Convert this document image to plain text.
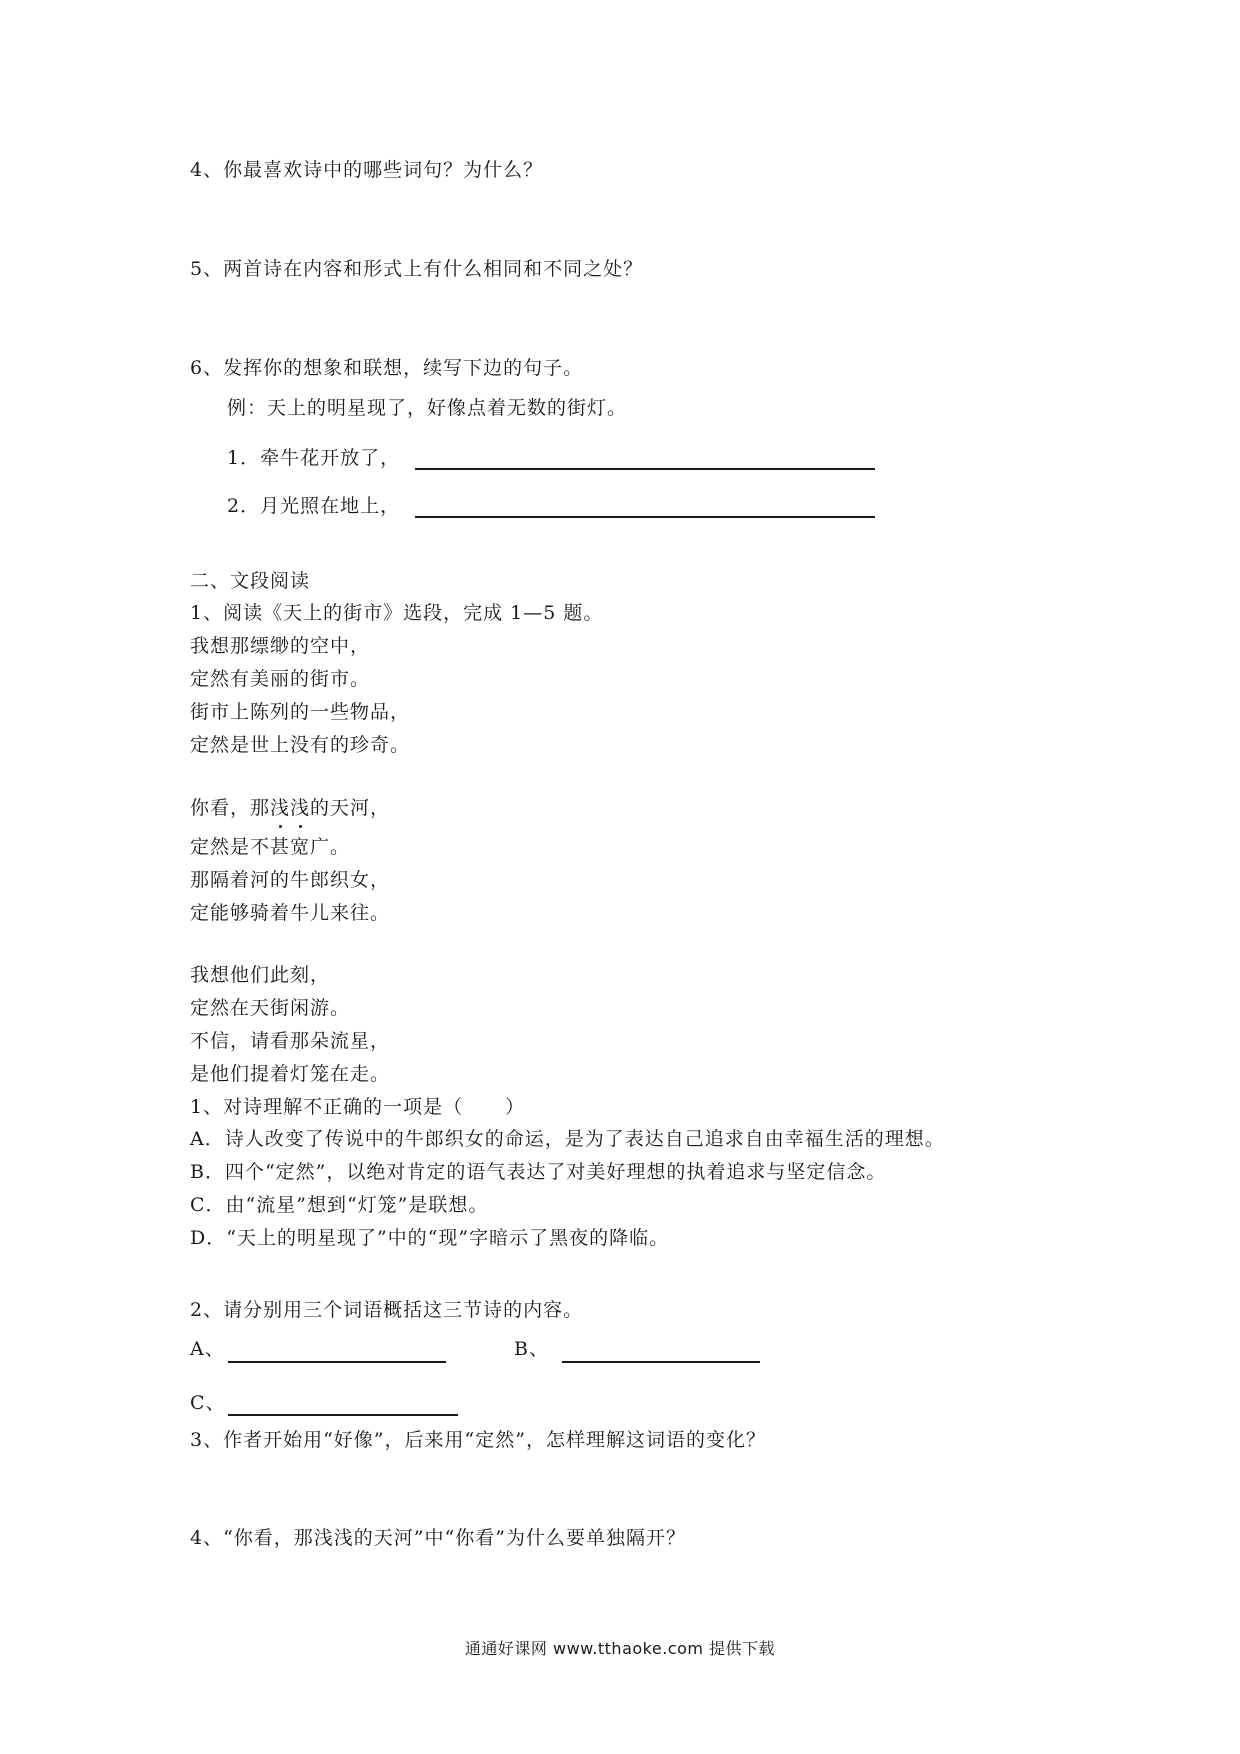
4、你最喜欢诗中的哪些词句？为什么？
5、两首诗在内容和形式上有什么相同和不同之处？
6、发挥你的想象和联想，续写下边的句子。
例：天上的明星现了，好像点着无数的街灯。
1．牵牛花开放了，
2．月光照在地上，
二、文段阅读
1、阅读《天上的街市》选段，完成 1—5 题。
我想那缥缈的空中，
定然有美丽的街市。
街市上陈列的一些物品，
定然是世上没有的珍奇。
你看，那浅浅的天河，
定然是不甚宽广。
那隔着河的牛郎织女，
定能够骑着牛儿来往。
我想他们此刻，
定然在天街闲游。
不信，请看那朵流星，
是他们提着灯笼在走。
1、对诗理解不正确的一项是（ ）
A．诗人改变了传说中的牛郎织女的命运，是为了表达自己追求自由幸福生活的理想。
B．四个“定然”，以绝对肯定的语气表达了对美好理想的执着追求与坚定信念。
C．由“流星”想到“灯笼”是联想。
D．“天上的明星现了”中的“现”字暗示了黑夜的降临。
2、请分别用三个词语概括这三节诗的内容。
A、	B、
C、
3、作者开始用“好像”，后来用“定然”，怎样理解这词语的变化？
4、“你看，那浅浅的天河”中“你看”为什么要单独隔开？
通通好课网 www.tthaoke.com 提供下载
